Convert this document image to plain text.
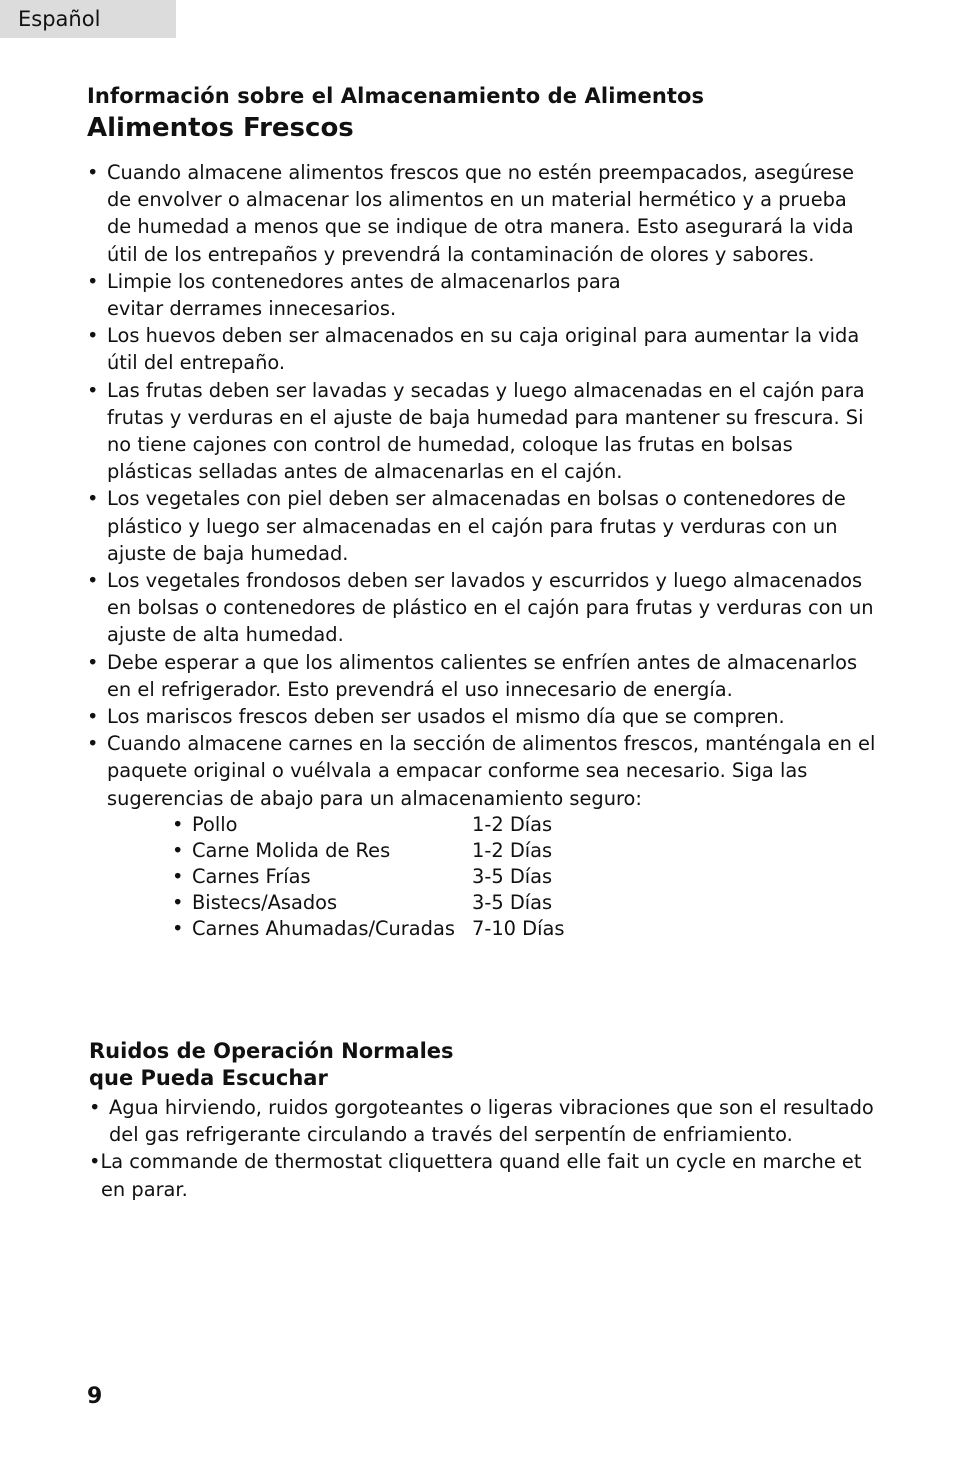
Español
Información sobre el Almacenamiento de Alimentos
Alimentos Frescos
• Cuando almacene alimentos frescos que no estén preempacados, asegúrese de envolver o almacenar los alimentos en un material hermético y a prueba de humedad a menos que se indique de otra manera. Esto asegurará la vida útil de los entrepaños y prevendrá la contaminación de olores y sabores.
• Limpie los contenedores antes de almacenarlos para evitar derrames innecesarios.
• Los huevos deben ser almacenados en su caja original para aumentar la vida útil del entrepaño.
• Las frutas deben ser lavadas y secadas y luego almacenadas en el cajón para frutas y verduras en el ajuste de baja humedad para mantener su frescura. Si no tiene cajones con control de humedad, coloque las frutas en bolsas plásticas selladas antes de almacenarlas en el cajón.
• Los vegetales con piel deben ser almacenadas en bolsas o contenedores de plástico y luego ser almacenadas en el cajón para frutas y verduras con un ajuste de baja humedad.
• Los vegetales frondosos deben ser lavados y escurridos y luego almacenados en bolsas o contenedores de plástico en el cajón para frutas y verduras con un ajuste de alta humedad.
• Debe esperar a que los alimentos calientes se enfríen antes de almacenarlos en el refrigerador. Esto prevendrá el uso innecesario de energía.
• Los mariscos frescos deben ser usados el mismo día que se compren.
• Cuando almacene carnes en la sección de alimentos frescos, manténgala en el paquete original o vuélvala a empacar conforme sea necesario. Siga las sugerencias de abajo para un almacenamiento seguro:
• Pollo	1-2 Días
• Carne Molida de Res	1-2 Días
• Carnes Frías	3-5 Días
• Bistecs/Asados	3-5 Días
• Carnes Ahumadas/Curadas 7-10 Días
Ruidos de Operación Normales
que Pueda Escuchar
• Agua hirviendo, ruidos gorgoteantes o ligeras vibraciones que son el resultado del gas refrigerante circulando a través del serpentín de enfriamiento.
• La commande de thermostat cliquettera quand elle fait un cycle en marche et en parar.
9
